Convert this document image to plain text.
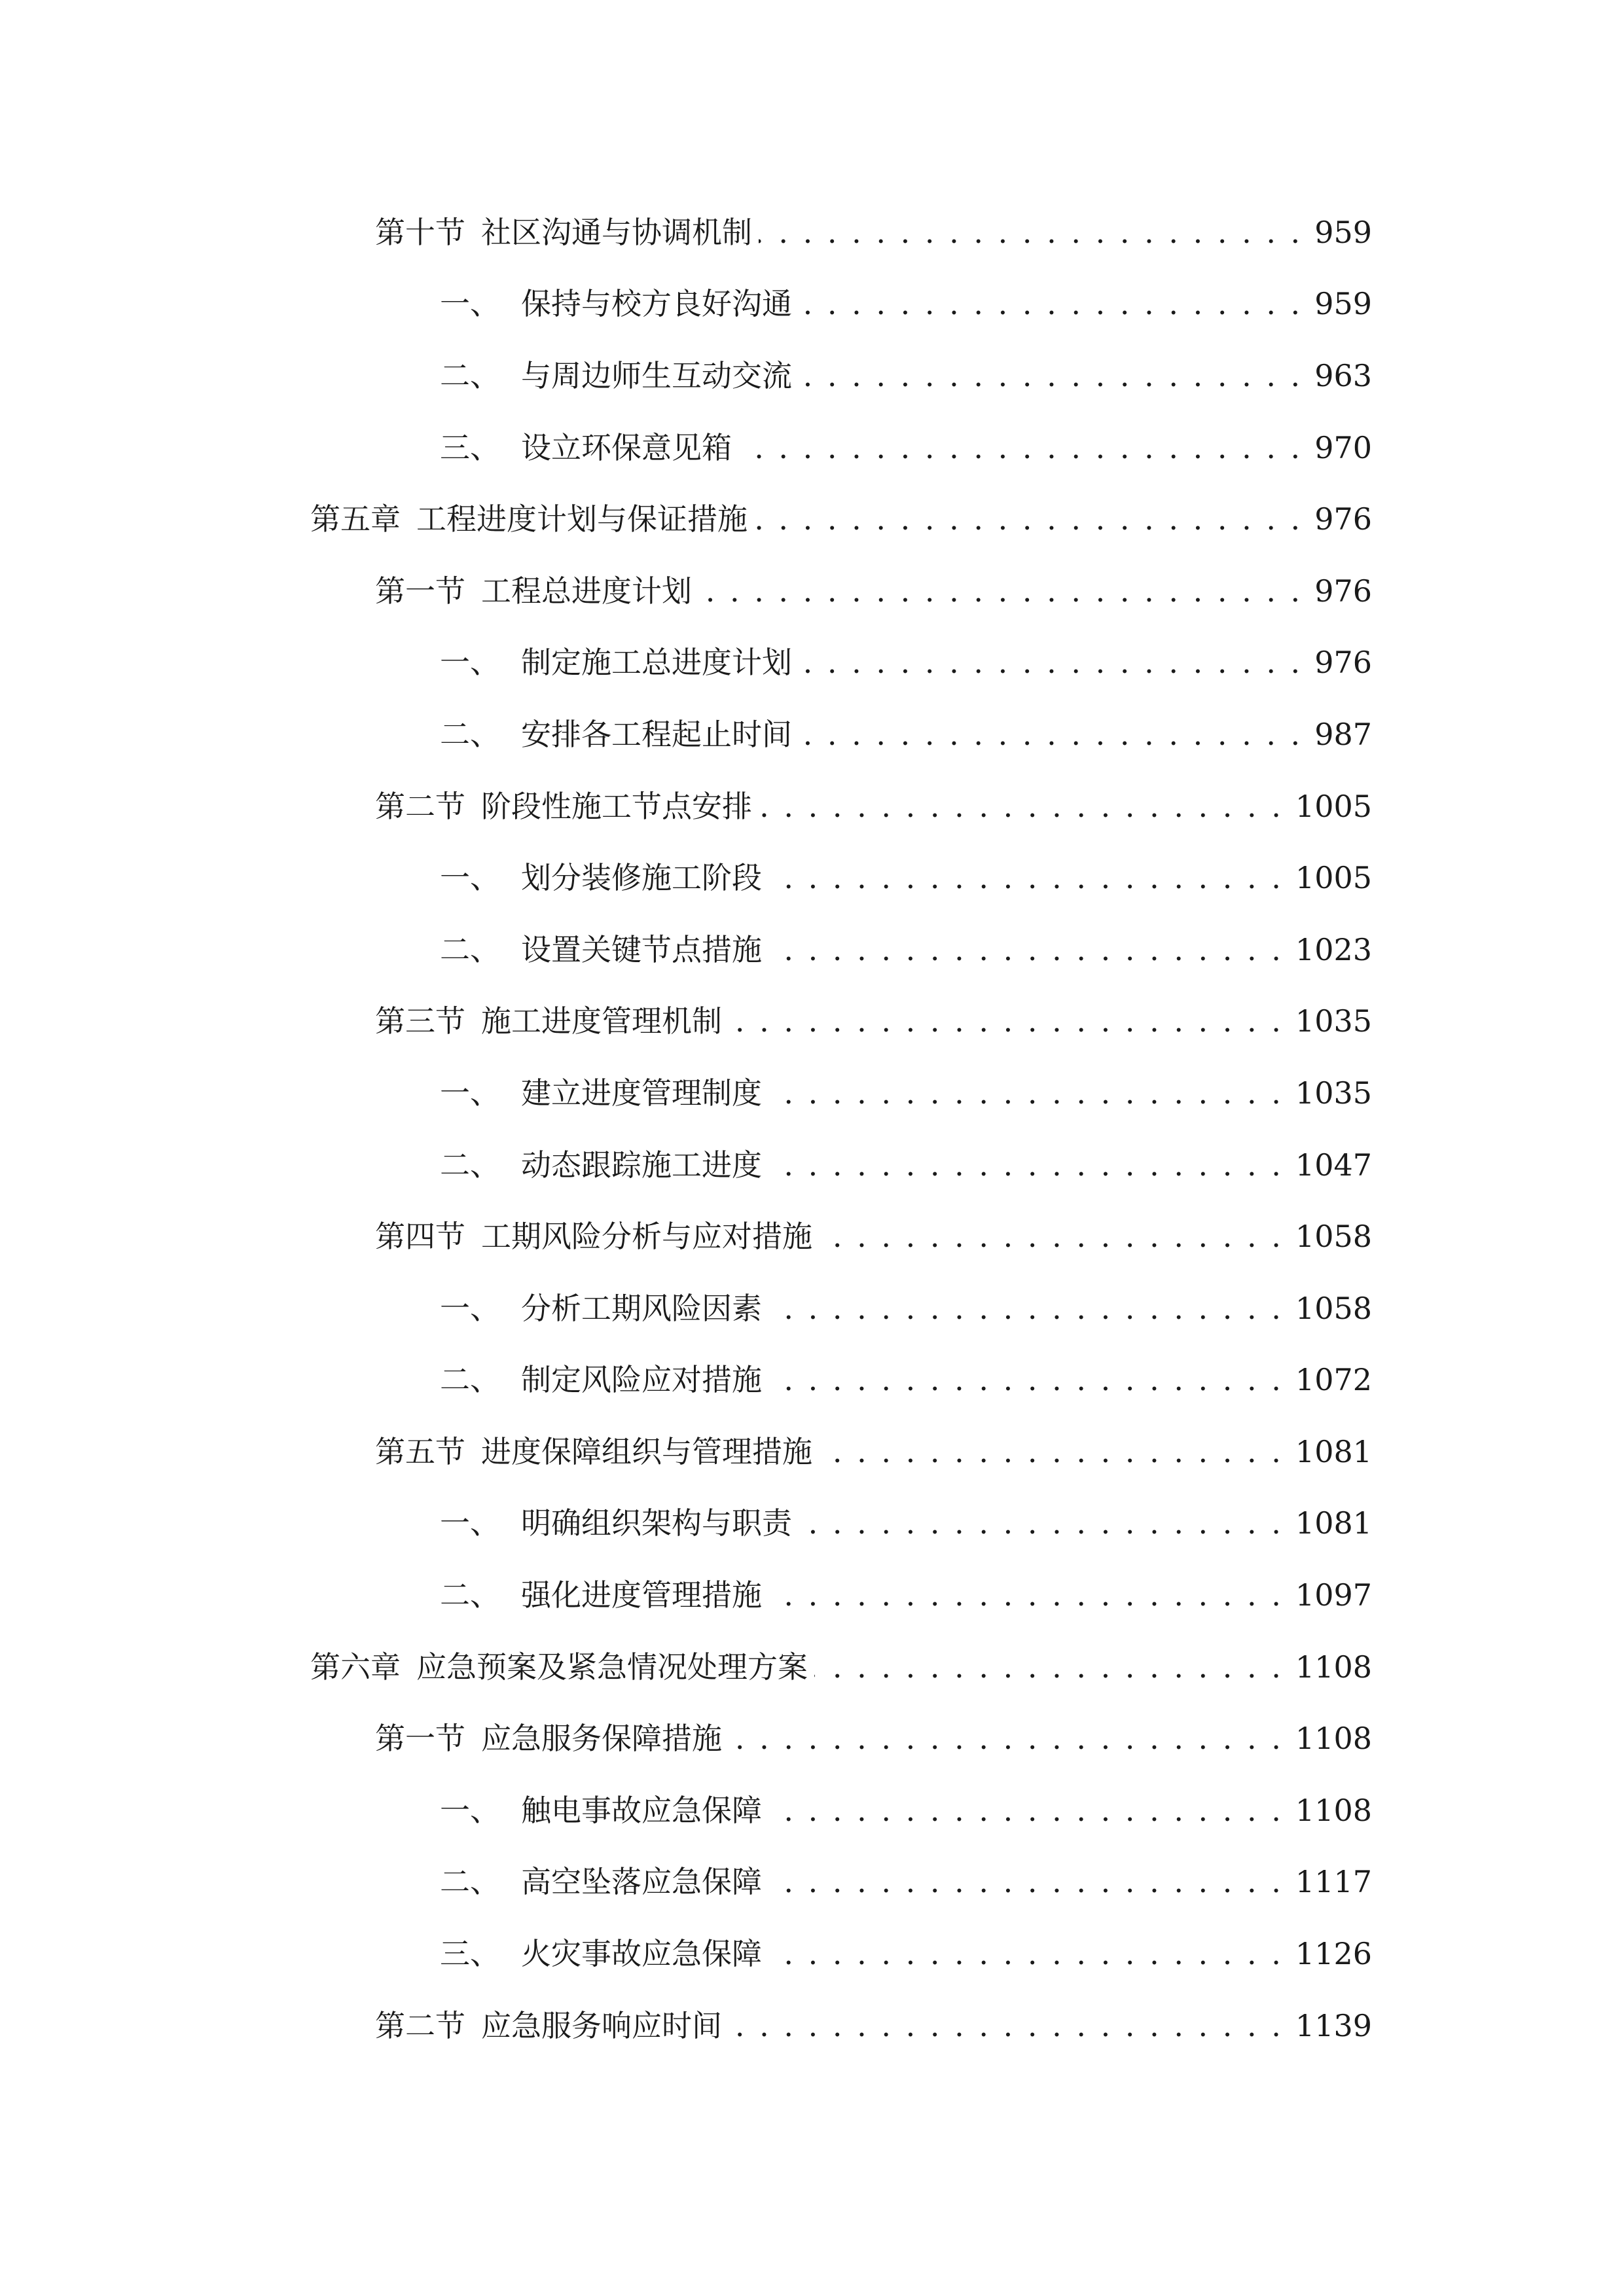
第十节 社区沟通与协调机制 . . .	959
一、 保持与校方良好沟通 . . .	959
二、 与周边师生互动交流 . . .	963
三、 设立环保意见箱 . . .	970
第五章 工程进度计划与保证措施 . . .	976
第一节 工程总进度计划 . . .	976
一、 制定施工总进度计划 . . .	976
二、 安排各工程起止时间 . . .	987
第二节 阶段性施工节点安排 . . .	1005
一、 划分装修施工阶段 . . .	1005
二、 设置关键节点措施 . . .	1023
第三节 施工进度管理机制 . . .	1035
一、 建立进度管理制度 . . .	1035
二、 动态跟踪施工进度 . . .	1047
第四节 工期风险分析与应对措施 . . .	1058
一、 分析工期风险因素 . . .	1058
二、 制定风险应对措施 . . .	1072
第五节 进度保障组织与管理措施 . . .	1081
一、 明确组织架构与职责 . . .	1081
二、 强化进度管理措施 . . .	1097
第六章 应急预案及紧急情况处理方案 . . .	1108
第一节 应急服务保障措施 . . .	1108
一、 触电事故应急保障 . . .	1108
二、 高空坠落应急保障 . . .	1117
三、 火灾事故应急保障 . . .	1126
第二节 应急服务响应时间 . . .	1139
